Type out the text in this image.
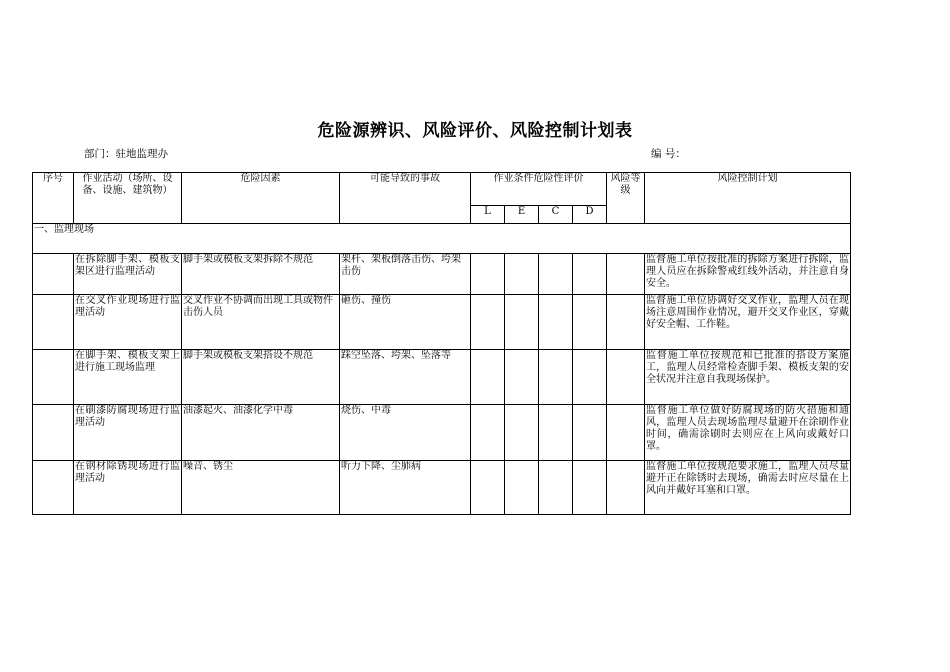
危险源辨识、风险评价、风险控制计划表
部门：驻地监理办	编 号：
序号	作业活动（场所、设备、设施、建筑物）	危险因素	可能导致的事故	作业条件危险性评价				风险等级	风险控制计划
				L	E	C	D		
一、监理现场									
	在拆除脚手架、模板支架区进行监理活动	脚手架或模板支架拆除不规范	架杆、架板倒落击伤、垮架击伤						监督施工单位按批准的拆除方案进行拆除，监理人员应在拆除警戒红线外活动，并注意自身安全。
	在交叉作业现场进行监理活动	交叉作业不协调而出现工具或物件击伤人员	砸伤、撞伤						监督施工单位协调好交叉作业，监理人员在现场注意周围作业情况，避开交叉作业区，穿戴好安全帽、工作鞋。
	在脚手架、模板支架上进行施工现场监理	脚手架或模板支架搭设不规范	踩空坠落、垮架、坠落等						监督施工单位按规范和已批准的搭设方案施工，监理人员经常检查脚手架、模板支架的安全状况并注意自我现场保护。
	在刷漆防腐现场进行监理活动	油漆起火、油漆化学中毒	烧伤、中毒						监督施工单位做好防腐现场的防火措施和通风，监理人员去现场监理尽量避开在涂刷作业时间，确需涂刷时去则应在上风向或戴好口罩。
	在钢材除锈现场进行监理活动	噪音、锈尘	听力下降、尘肺病						监督施工单位按规范要求施工，监理人员尽量避开正在除锈时去现场，确需去时应尽量在上风向并戴好耳塞和口罩。
